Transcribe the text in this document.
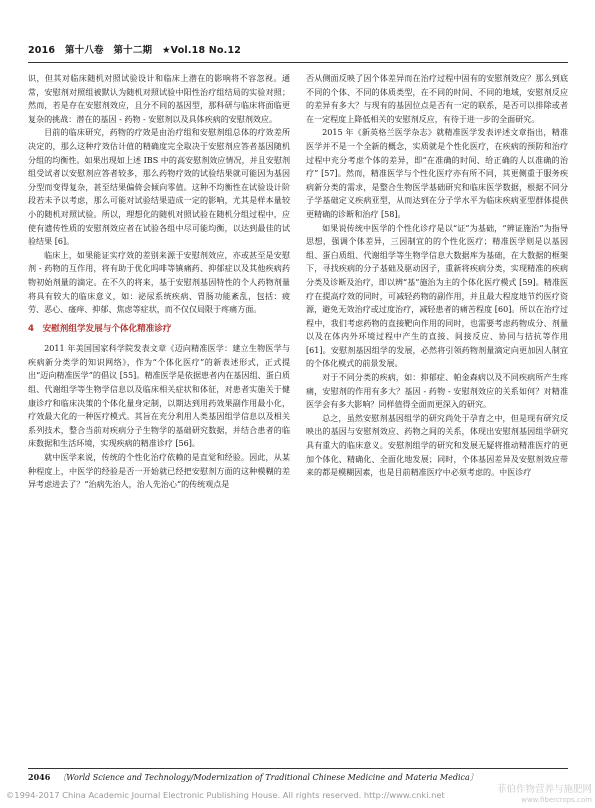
2016　第十八卷　第十二期　★Vol.18 No.12

识，但其对临床随机对照试验设计和临床上潜在的影响将不容忽视。通常，安慰剂对照组被默认为随机对照试验中阳性治疗组结局的实验对照；然而，若是存在安慰剂效应，且分不同的基因型，那科研与临床将面临更复杂的挑战：潜在的基因 - 药物 - 安慰剂以及具体疾病的安慰剂效应。

目前的临床研究，药物的疗效是由治疗组和安慰剂组总体的疗效差所决定的，那么这种疗效估计值的精确度完全取决于安慰剂应答者基因随机分组的均衡性。如果出现如上述 IBS 中的高安慰剂效应情况，并且安慰剂组受试者以安慰剂应答者较多，那么药物疗效的试验结果就可能因为基因分型而变得复杂，甚至结果偏倚会倾向零值。这种不均衡性在试验设计阶段若未予以考虑，那么可能对试验结果造成一定的影响，尤其是样本量较小的随机对照试验。所以，理想化的随机对照试验在随机分组过程中，应使有遗传性质的安慰剂效应者在试验各组中尽可能均衡，以达到最佳的试验结果 [6]。

临床上，如果能证实疗效的差别来源于安慰剂效应，亦或甚至是安慰剂 - 药物的互作用，将有助于优化吗啡等镇痛药、抑郁症以及其他疾病药物初始剂量的滴定。在不久的将来，基于安慰剂基因特性的个人药物剂量将具有较大的临床意义，如：泌尿系统疾病、胃肠功能紊乱，包括：疲劳、恶心、瘙痒、抑郁、焦虑等症状，而不仅仅局限于疼痛方面。

4　安慰剂组学发展与个体化精准诊疗

2011 年美国国家科学院发表文章《迈向精准医学：建立生物医学与疾病新分类学的知识网络》，作为“个体化医疗”的新表述形式，正式提出“迈向精准医学”的倡议 [55]。精准医学是依据患者内在基因组、蛋白质组、代谢组学等生物学信息以及临床相关症状和体征，对患者实施关于健康诊疗和临床决策的个体化量身定制，以期达到用药效果副作用最小化，疗效最大化的一种医疗模式。其旨在充分利用人类基因组学信息以及相关系列技术，整合当前对疾病分子生物学的基础研究数据，并结合患者的临床数据和生活环境，实现疾病的精准诊疗 [56]。

就中医学来说，传统的个性化治疗依赖的是直觉和经验。因此，从某种程度上，中医学的经验是否一开始就已经把安慰剂方面的这种模糊的差异考虑进去了？“治病先治人，治人先治心”的传统观点是

否从侧面反映了因个体差异而在治疗过程中固有的安慰剂效应？那么到底不同的个体、不同的体质类型，在不同的时间、不同的地域，安慰剂反应的差异有多大？与现有的基因位点是否有一定的联系，是否可以排除或者在一定程度上降低相关的安慰剂反应，有待于进一步的全面研究。

2015 年《新英格兰医学杂志》就精准医学发表评述文章指出，精准医学并不是一个全新的概念，实质就是个性化医疗，在疾病的预防和治疗过程中充分考虑个体的差异，即“在准确的时间、给正确的人以准确的治疗” [57]。然而，精准医学与个性化医疗亦有所不同，其更侧重于服务疾病新分类的需求，是整合生物医学基础研究和临床医学数据，根据不同分子学基础定义疾病亚型，从而达到在分子学水平为临床疾病亚型群体提供更精确的诊断和治疗 [58]。

如果说传统中医学的个性化诊疗是以“证”为基础，“辨证施治”为指导思想，强调个体差异，三因制宜的的个性化医疗；精准医学则是以基因组、蛋白质组、代谢组学等生物学信息大数据库为基础，在大数据的框架下，寻找疾病的分子基础及驱动因子，重新将疾病分类，实现精准的疾病分类及诊断及治疗，即以辨“基”施治为主的个体化医疗模式 [59]。精准医疗在提高疗效的同时，可减轻药物的副作用，并且最大程度地节约医疗资源，避免无效治疗或过度治疗，减轻患者的痛苦程度 [60]。所以在治疗过程中，我们考虑药物的直接靶向作用的同时，也需要考虑药物成分、剂量以及在体内外环境过程中产生的直接、间接反应、协同与拮抗等作用 [61]。安慰剂基因组学的发展，必然将引领药物剂量滴定向更加因人制宜的个体化模式的前景发展。

对于不同分类的疾病，如：抑郁症、帕金森病以及不同疾病所产生疼痛，安慰剂的作用有多大？基因 - 药物 - 安慰剂效应的关系如何？对精准医学会有多大影响？同样值得全面而更深入的研究。

总之，虽然安慰剂基因组学的研究尚处于孕育之中，但是现有研究反映出的基因与安慰剂效应、药物之间的关系，体现出安慰剂基因组学研究具有重大的临床意义。安慰剂组学的研究和发展无疑将推动精准医疗的更加个体化、精确化、全面化地发展；同时，个体基因差异及安慰剂效应带来的都是模糊因素，也是目前精准医疗中必须考虑的。中医诊疗

2046 〔World Science and Technology/Modernization of Traditional Chinese Medicine and Materia Medica〕
©1994-2017 China Academic Journal Electronic Publishing House. All rights reserved. http://www.cnki.net	菲伯作物营养与施肥网
www.fibercrops.com
